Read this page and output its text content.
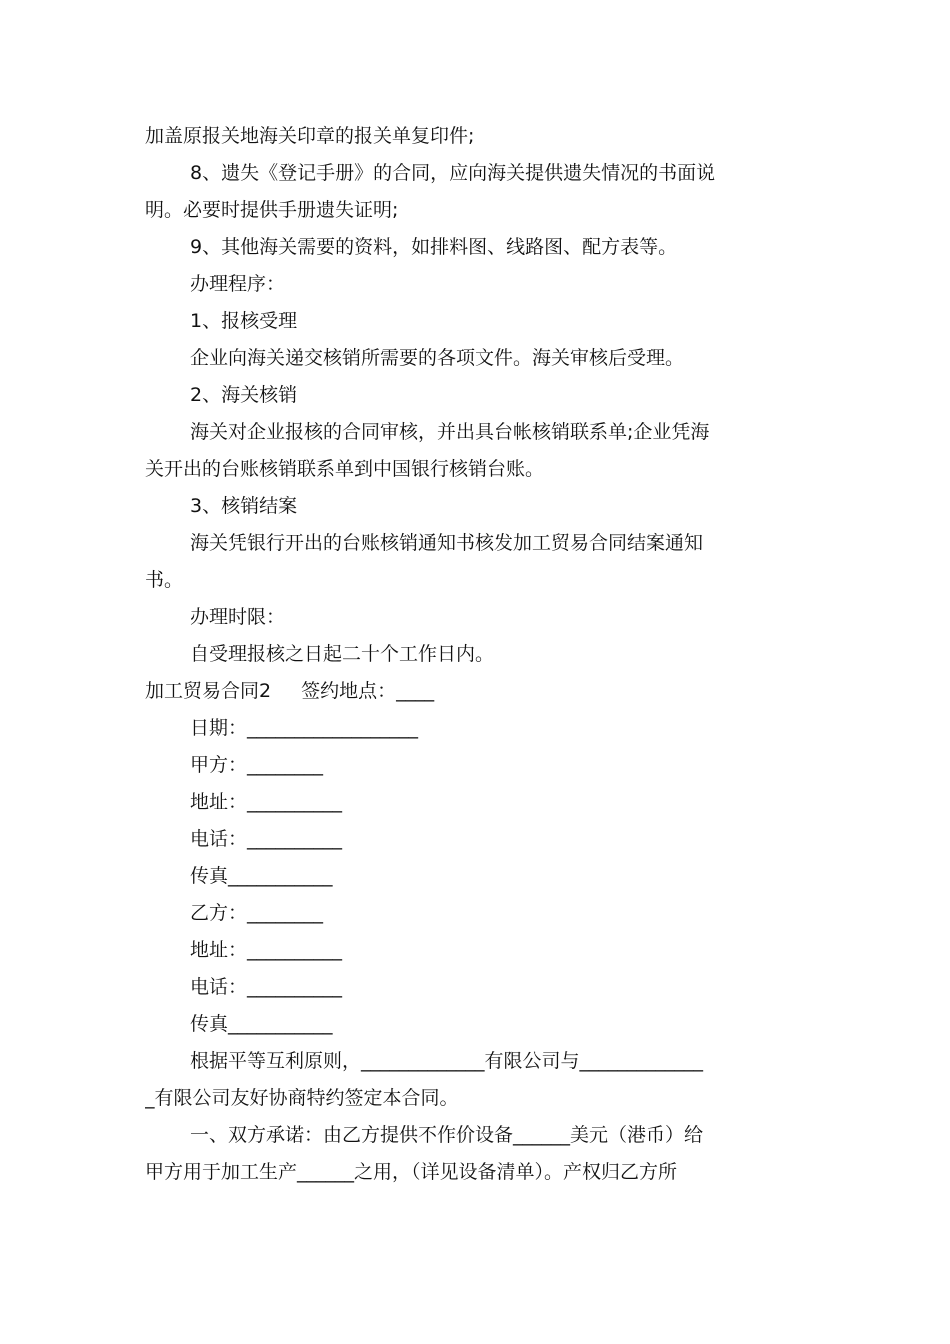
加盖原报关地海关印章的报关单复印件;
8、遗失《登记手册》的合同，应向海关提供遗失情况的书面说
明。必要时提供手册遗失证明;
9、其他海关需要的资料，如排料图、线路图、配方表等。
办理程序：
1、报核受理
企业向海关递交核销所需要的各项文件。海关审核后受理。
2、海关核销
海关对企业报核的合同审核，并出具台帐核销联系单;企业凭海
关开出的台账核销联系单到中国银行核销台账。
3、核销结案
海关凭银行开出的台账核销通知书核发加工贸易合同结案通知
书。
办理时限：
自受理报核之日起二十个工作日内。
加工贸易合同2 签约地点：____
日期：__________________
甲方：________
地址：__________
电话：__________
传真___________
乙方：________
地址：__________
电话：__________
传真___________
根据平等互利原则，_____________有限公司与_____________
_有限公司友好协商特约签定本合同。
一、双方承诺：由乙方提供不作价设备______美元（港币）给
甲方用于加工生产______之用，（详见设备清单）。产权归乙方所
